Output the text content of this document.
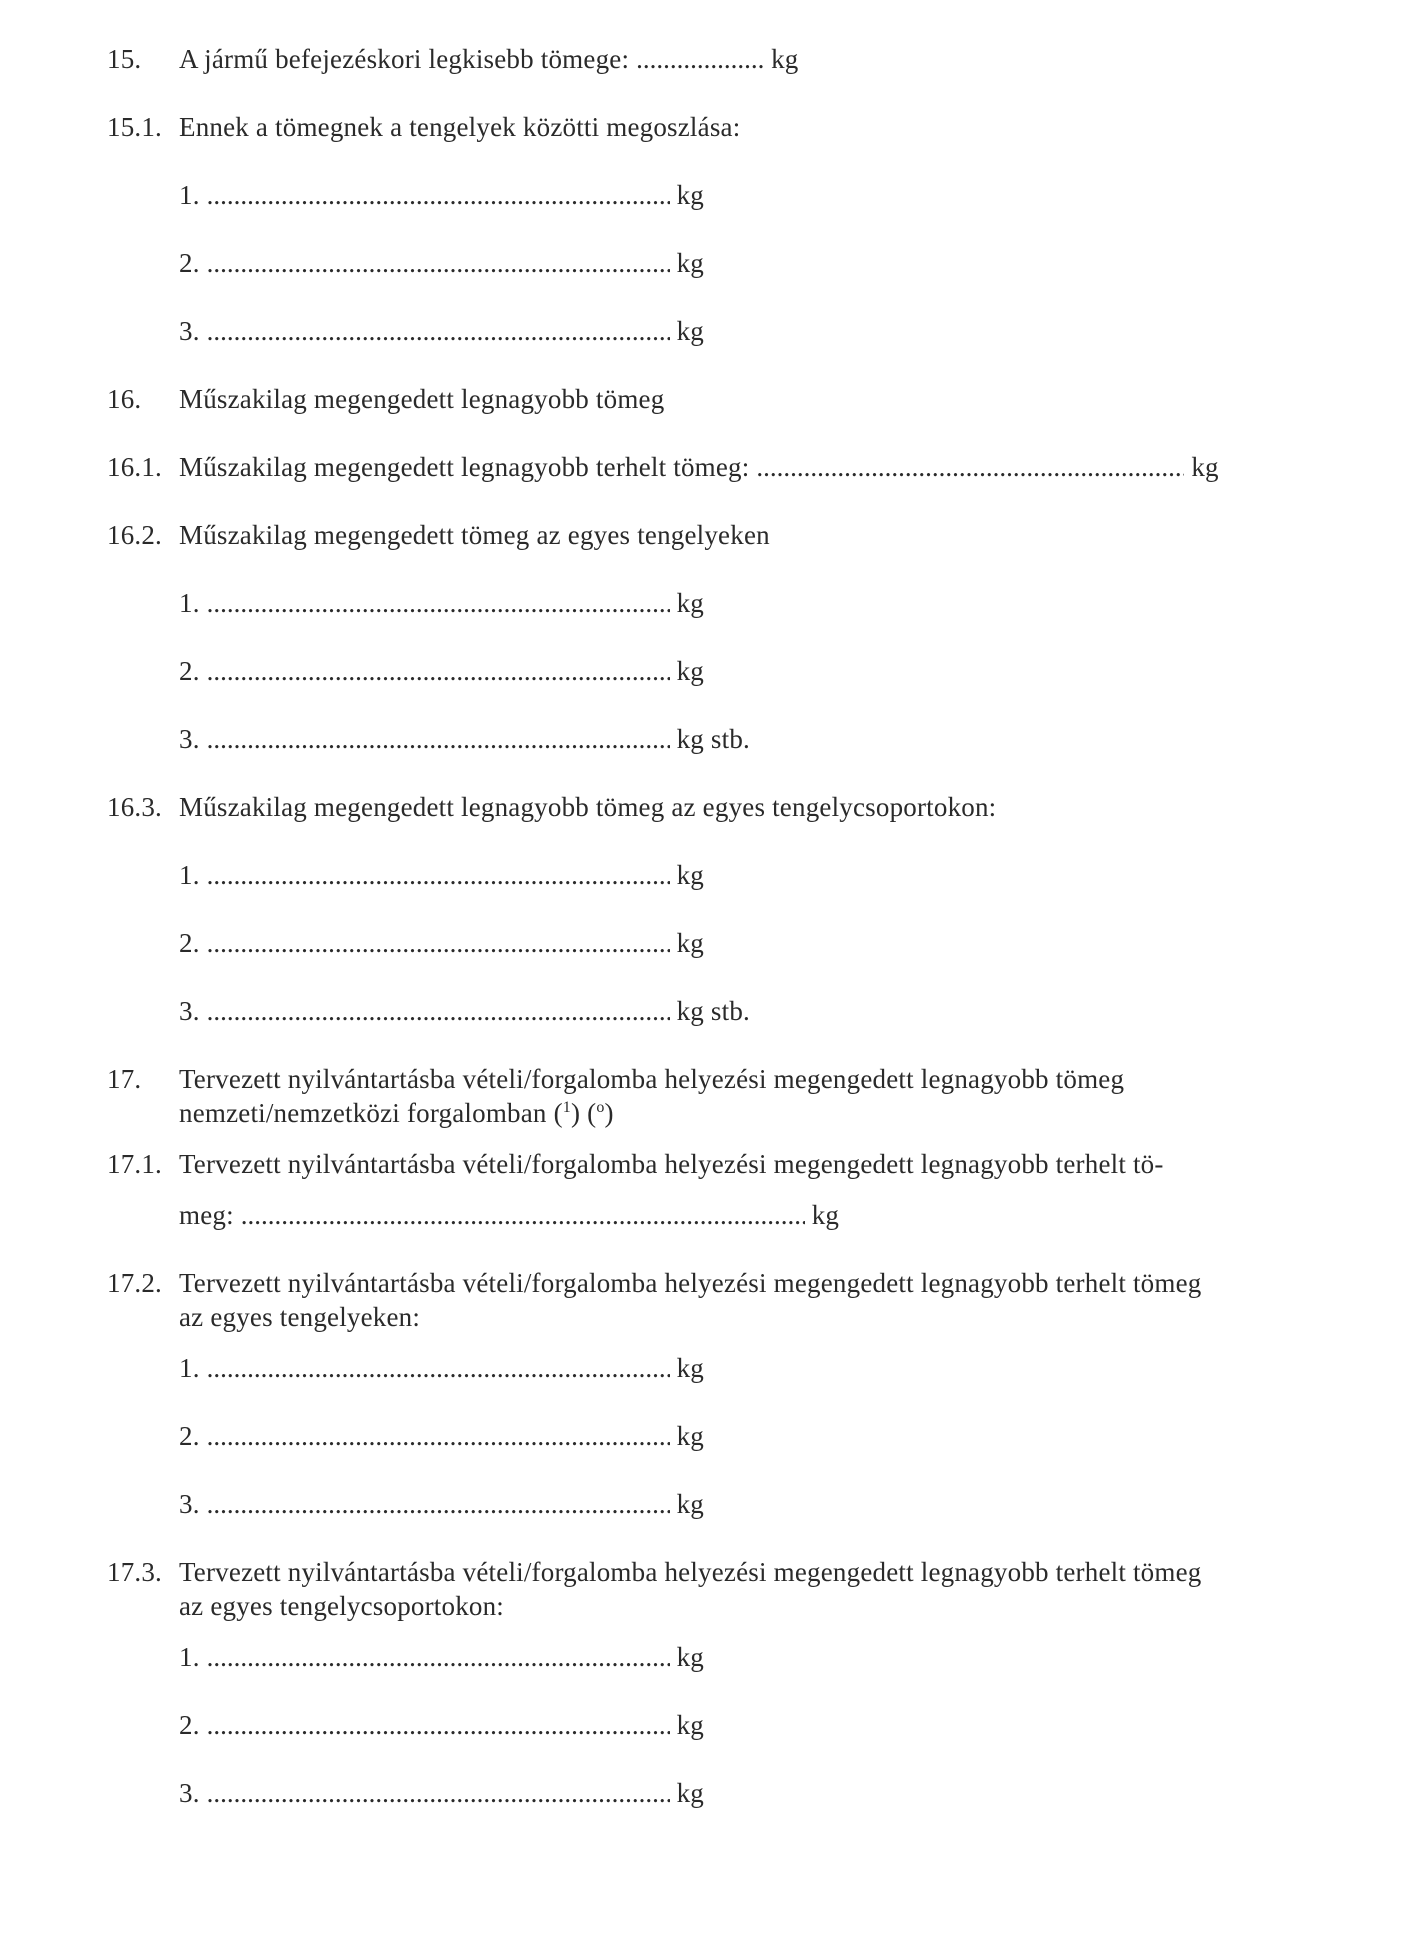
15. A jármű befejezéskori legkisebb tömege: .....	kg
15.1. Ennek a tömegnek a tengelyek közötti megoszlása:
1. .....	kg
2. .....	kg
3. .....	kg
16. Műszakilag megengedett legnagyobb tömeg
16.1. Műszakilag megengedett legnagyobb terhelt tömeg: .....	kg
16.2. Műszakilag megengedett tömeg az egyes tengelyeken
1. .....	kg
2. .....	kg
3. .....	kg stb.
16.3. Műszakilag megengedett legnagyobb tömeg az egyes tengelycsoportokon:
1. .....	kg
2. .....	kg
3. .....	kg stb.
17. Tervezett nyilvántartásba vételi/forgalomba helyezési megengedett legnagyobb tömeg
nemzeti/nemzetközi forgalomban ($^1$) ($^o$)
17.1. Tervezett nyilvántartásba vételi/forgalomba helyezési megengedett legnagyobb terhelt tö-
meg: .....	kg
17.2. Tervezett nyilvántartásba vételi/forgalomba helyezési megengedett legnagyobb terhelt tömeg
az egyes tengelyeken:
1. .....	kg
2. .....	kg
3. .....	kg
17.3. Tervezett nyilvántartásba vételi/forgalomba helyezési megengedett legnagyobb terhelt tömeg
az egyes tengelycsoportokon:
1. .....	kg
2. .....	kg
3. .....	kg
